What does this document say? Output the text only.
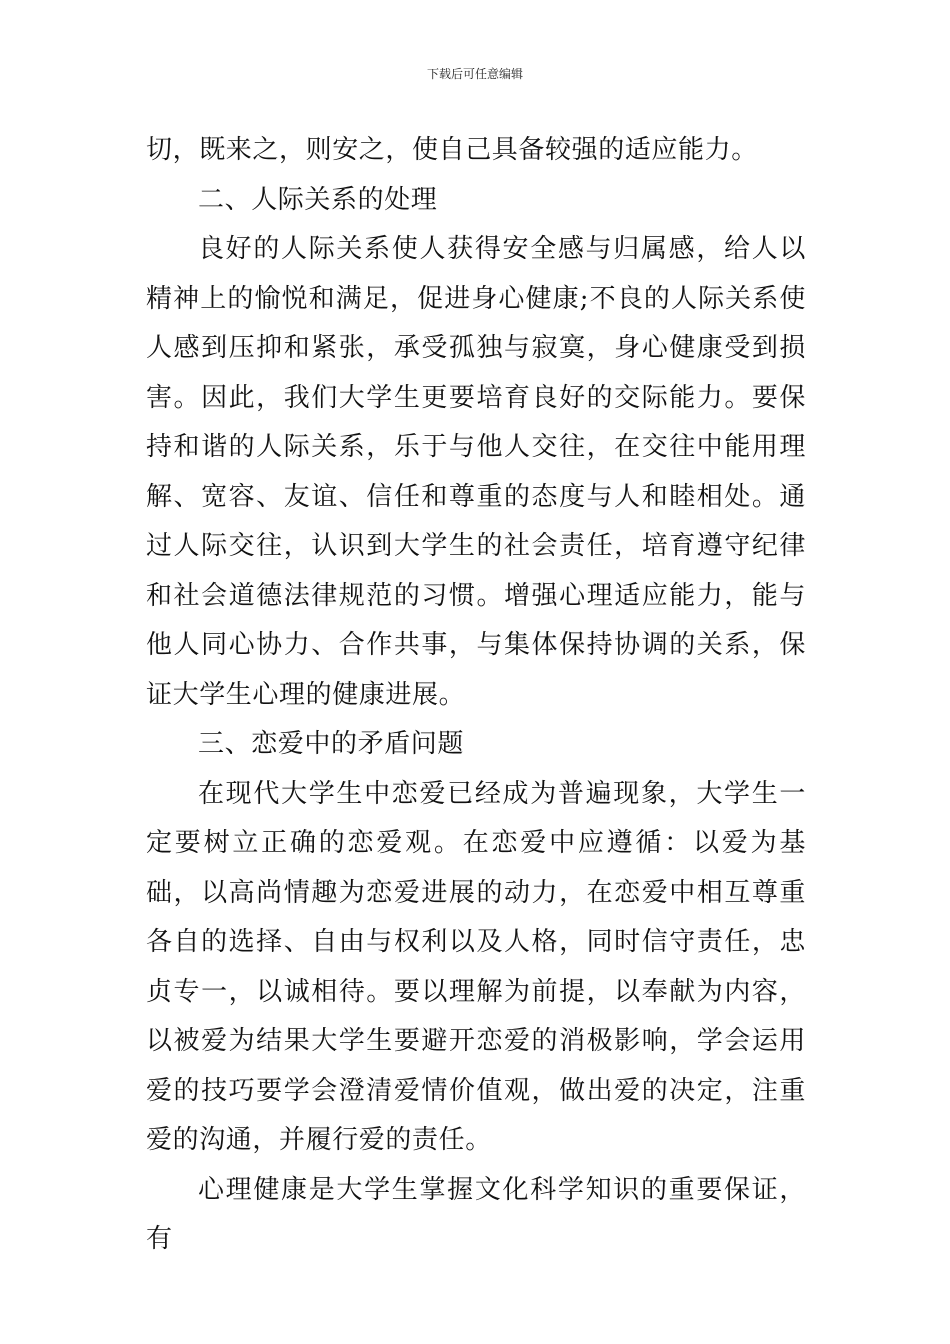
下载后可任意编辑

切，既来之，则安之，使自己具备较强的适应能力。

二、人际关系的处理

良好的人际关系使人获得安全感与归属感，给人以精神上的愉悦和满足，促进身心健康;不良的人际关系使人感到压抑和紧张，承受孤独与寂寞，身心健康受到损害。因此，我们大学生更要培育良好的交际能力。要保持和谐的人际关系，乐于与他人交往，在交往中能用理解、宽容、友谊、信任和尊重的态度与人和睦相处。通过人际交往，认识到大学生的社会责任，培育遵守纪律和社会道德法律规范的习惯。增强心理适应能力，能与他人同心协力、合作共事，与集体保持协调的关系，保证大学生心理的健康进展。

三、恋爱中的矛盾问题

在现代大学生中恋爱已经成为普遍现象，大学生一定要树立正确的恋爱观。在恋爱中应遵循：以爱为基础，以高尚情趣为恋爱进展的动力，在恋爱中相互尊重各自的选择、自由与权利以及人格，同时信守责任，忠贞专一，以诚相待。要以理解为前提，以奉献为内容，以被爱为结果大学生要避开恋爱的消极影响，学会运用爱的技巧要学会澄清爱情价值观，做出爱的决定，注重爱的沟通，并履行爱的责任。

心理健康是大学生掌握文化科学知识的重要保证，有
